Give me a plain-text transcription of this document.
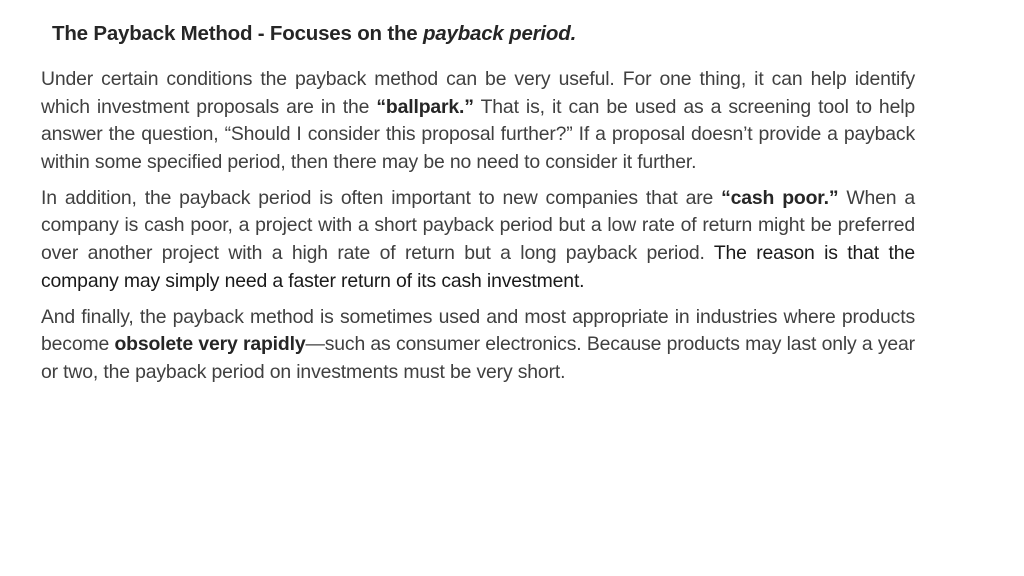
The Payback Method - Focuses on the payback period.

Under certain conditions the payback method can be very useful. For one thing, it can help identify which investment proposals are in the “ballpark.” That is, it can be used as a screening tool to help answer the question, “Should I consider this proposal further?” If a proposal doesn’t provide a payback within some specified period, then there may be no need to consider it further.

In addition, the payback period is often important to new companies that are “cash poor.” When a company is cash poor, a project with a short payback period but a low rate of return might be preferred over another project with a high rate of return but a long payback period. The reason is that the company may simply need a faster return of its cash investment.

And finally, the payback method is sometimes used and most appropriate in industries where products become obsolete very rapidly—such as consumer electronics. Because products may last only a year or two, the payback period on investments must be very short.
